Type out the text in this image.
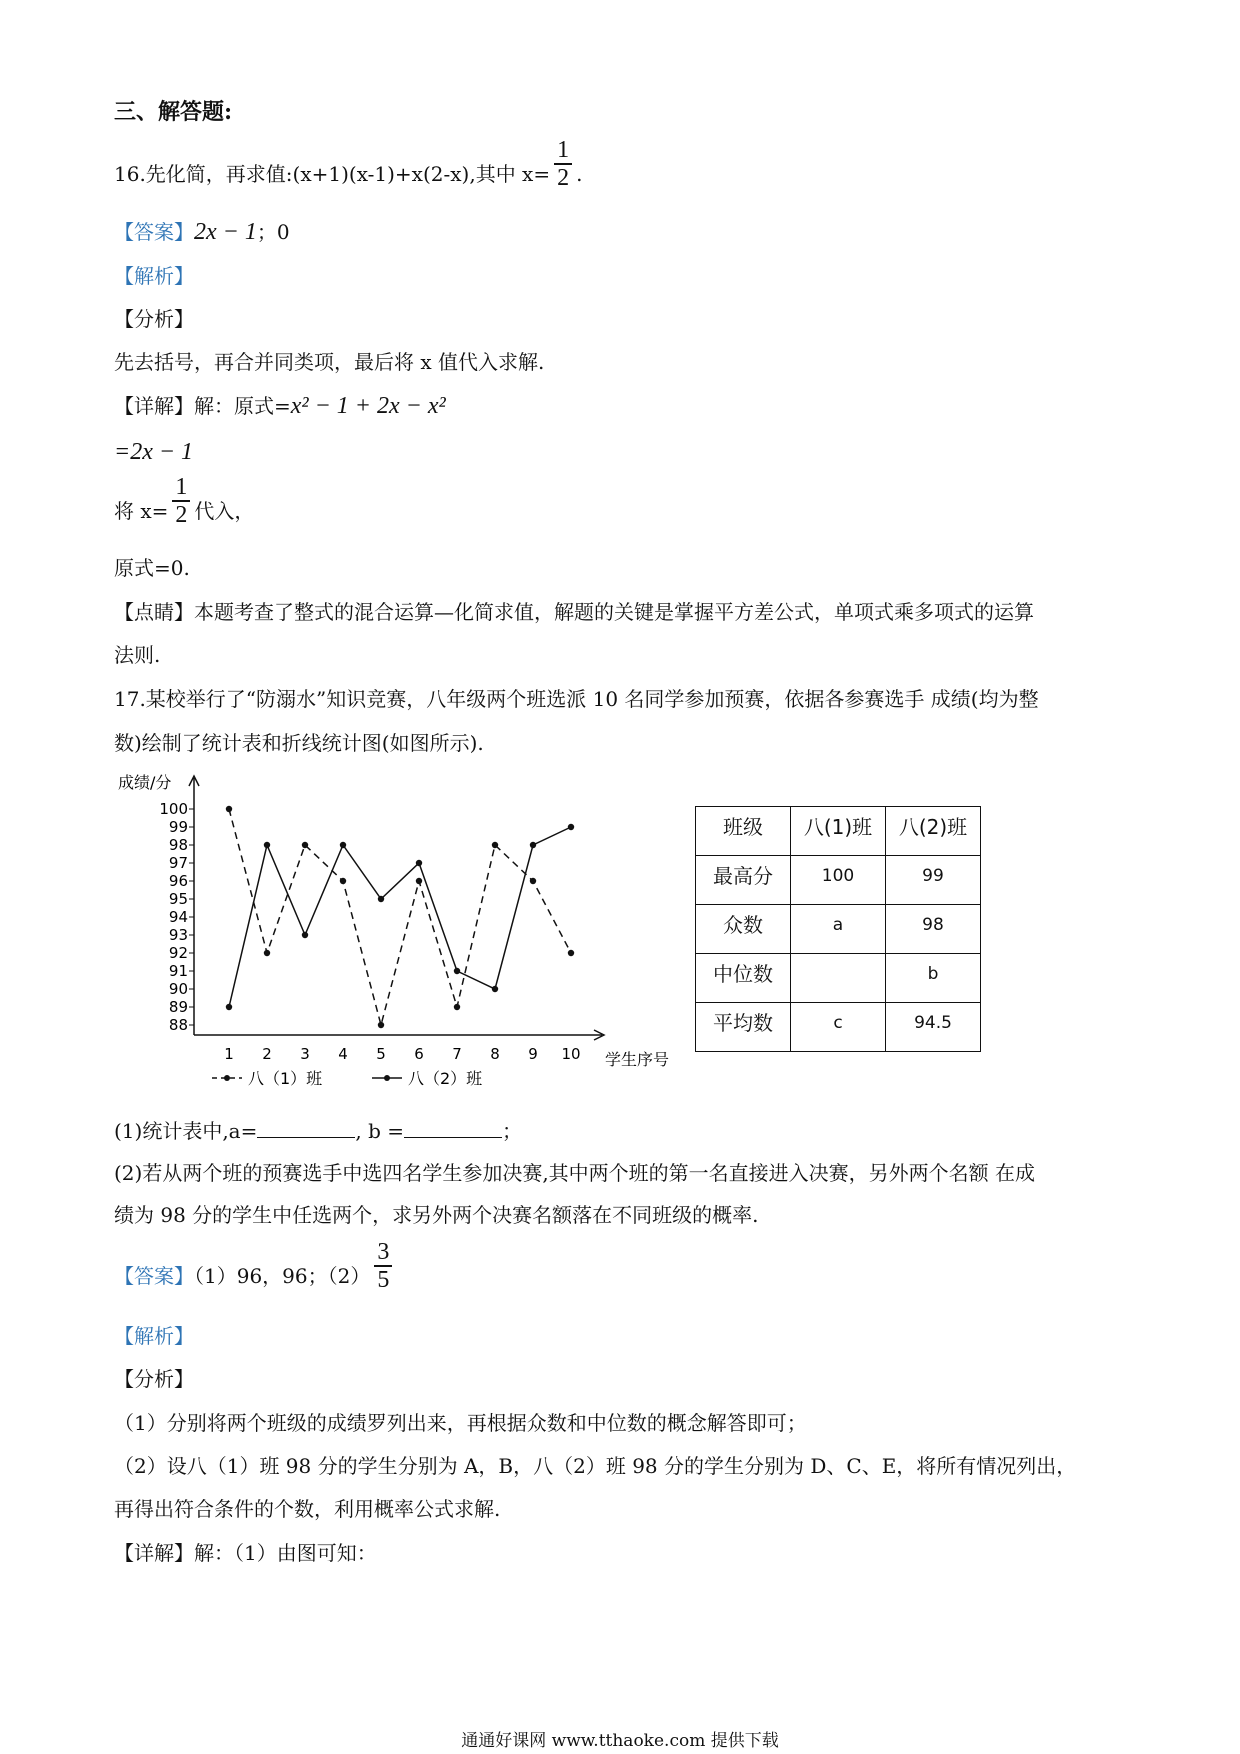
三、解答题:
16.先化简，再求值:(x+1)(x-1)+x(2-x),其中 $x= \frac{1}{2}$ .
【答案】2x − 1；0
【解析】
【分析】
先去括号，再合并同类项，最后将 x 值代入求解.
【详解】解：原式=x² − 1 + 2x − x²
=2x − 1
将 $x= \frac{1}{2}$ 代入，
原式=0.
【点睛】本题考查了整式的混合运算—化简求值，解题的关键是掌握平方差公式，单项式乘多项式的运算
法则.
17.某校举行了“防溺水”知识竞赛，八年级两个班选派 10 名同学参加预赛，依据各参赛选手 成绩(均为整
数)绘制了统计表和折线统计图(如图所示).
成绩/分
学生序号
88
89
90
91
92
93
94
95
96
97
98
99
100
1 2 3 4 5 6 7 8 9 10
八（1）班	八（2）班
班级	八(1)班	八(2)班
最高分	100	99
众数	a	98
中位数		b
平均数	c	94.5
(1)统计表中,a=	, b =	；
(2)若从两个班的预赛选手中选四名学生参加决赛,其中两个班的第一名直接进入决赛，另外两个名额 在成
绩为 98 分的学生中任选两个，求另外两个决赛名额落在不同班级的概率.
【答案】（1）96，96；$(2) \frac{3}{5}$
【解析】
【分析】
（1）分别将两个班级的成绩罗列出来，再根据众数和中位数的概念解答即可；
（2）设八（1）班 98 分的学生分别为 A，B，八（2）班 98 分的学生分别为 D、C、E，将所有情况列出，
再得出符合条件的个数，利用概率公式求解.
【详解】解：（1）由图可知：
通通好课网 www.tthaoke.com 提供下载
